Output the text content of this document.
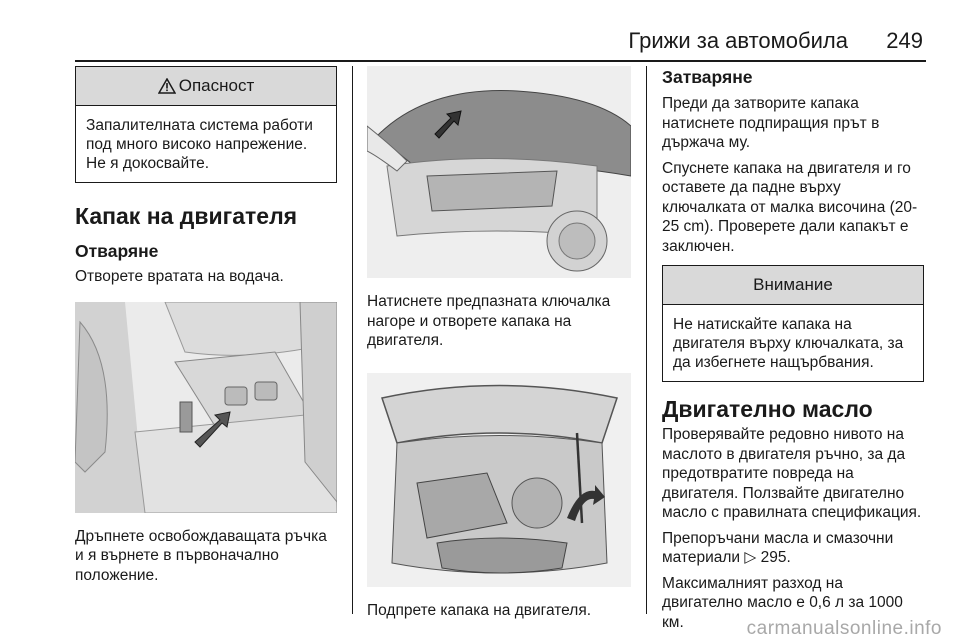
Грижи за автомобила 249
Опасност
Запалителната система работи под много високо напрежение. Не я докосвайте.
Капак на двигателя
Отваряне

Отворете вратата на водача.

Дръпнете освобождаващата ръчка и я върнете в първоначално положение.

Натиснете предпазната ключалка нагоре и отворете капака на двигателя.

Подпрете капака на двигателя.

Затваряне

Преди да затворите капака натиснете подпиращия прът в държача му.

Спуснете капака на двигателя и го оставете да падне върху ключалката от малка височина (20-25 cm). Проверете дали капакът е заключен.

Внимание
Не натискайте капака на двигателя върху ключалката, за да избегнете нащърбвания.
Двигателно масло

Проверявайте редовно нивото на маслото в двигателя ръчно, за да предотвратите повреда на двигателя. Ползвайте двигателно масло с правилната спецификация.

Препоръчани масла и смазочни материали ▷ 295.

Максималният разход на двигателно масло е 0,6 л за 1000 км.	carmanualsonline.info
